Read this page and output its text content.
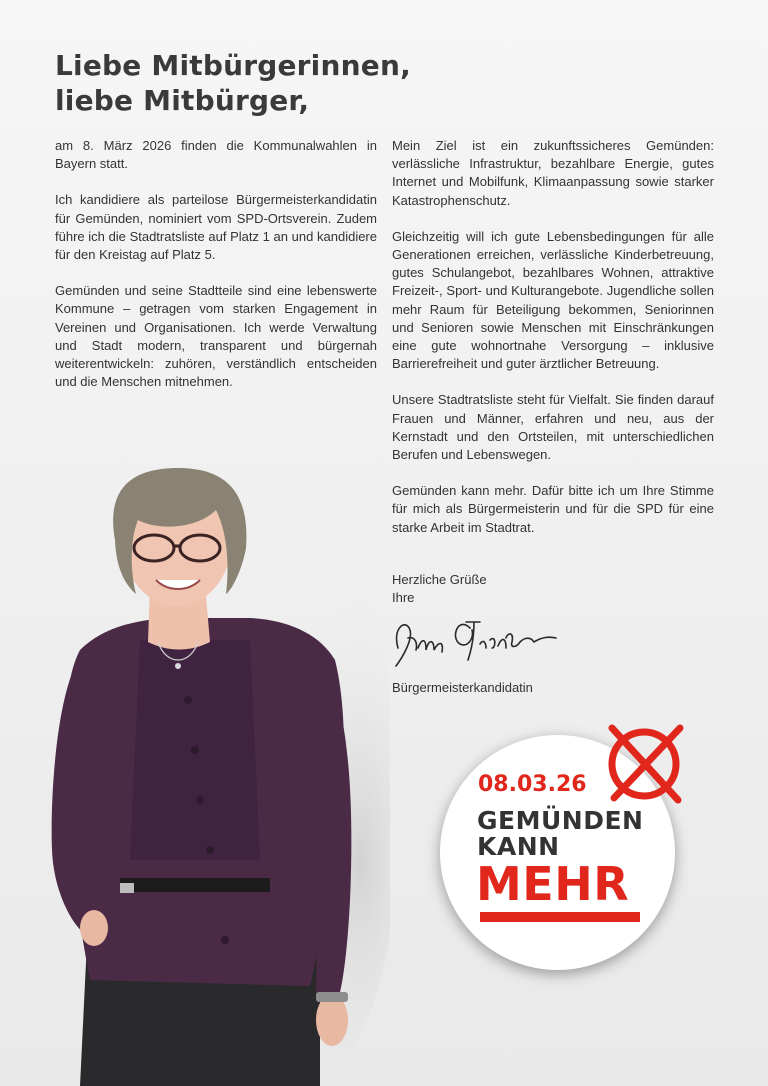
Liebe Mitbürgerinnen,
liebe Mitbürger,

am 8. März 2026 finden die Kommunalwahlen in Bayern statt.

Ich kandidiere als parteilose Bürgermeisterkandidatin für Gemünden, nominiert vom SPD-Ortsverein. Zudem führe ich die Stadtratsliste auf Platz 1 an und kandidiere für den Kreistag auf Platz 5.

Gemünden und seine Stadtteile sind eine lebenswerte Kommune – getragen vom starken Engagement in Vereinen und Organisationen. Ich werde Verwaltung und Stadt modern, transparent und bürgernah weiterentwickeln: zuhören, verständlich entscheiden und die Menschen mitnehmen.

Mein Ziel ist ein zukunftssicheres Gemünden: verlässliche Infrastruktur, bezahlbare Energie, gutes Internet und Mobilfunk, Klimaanpassung sowie starker Katastrophenschutz.

Gleichzeitig will ich gute Lebensbedingungen für alle Generationen erreichen, verlässliche Kinderbetreuung, gutes Schulangebot, bezahlbares Wohnen, attraktive Freizeit-, Sport- und Kulturangebote. Jugendliche sollen mehr Raum für Beteiligung bekommen, Seniorinnen und Senioren sowie Menschen mit Einschränkungen eine gute wohnortnahe Versorgung – inklusive Barrierefreiheit und guter ärztlicher Betreuung.

Unsere Stadtratsliste steht für Vielfalt. Sie finden darauf Frauen und Männer, erfahren und neu, aus der Kernstadt und den Ortsteilen, mit unterschiedlichen Berufen und Lebenswegen.

Gemünden kann mehr. Dafür bitte ich um Ihre Stimme für mich als Bürgermeisterin und für die SPD für eine starke Arbeit im Stadtrat.

Herzliche Grüße
Ihre
Bürgermeisterkandidatin
08.03.26
GEMÜNDEN
KANN
MEHR
